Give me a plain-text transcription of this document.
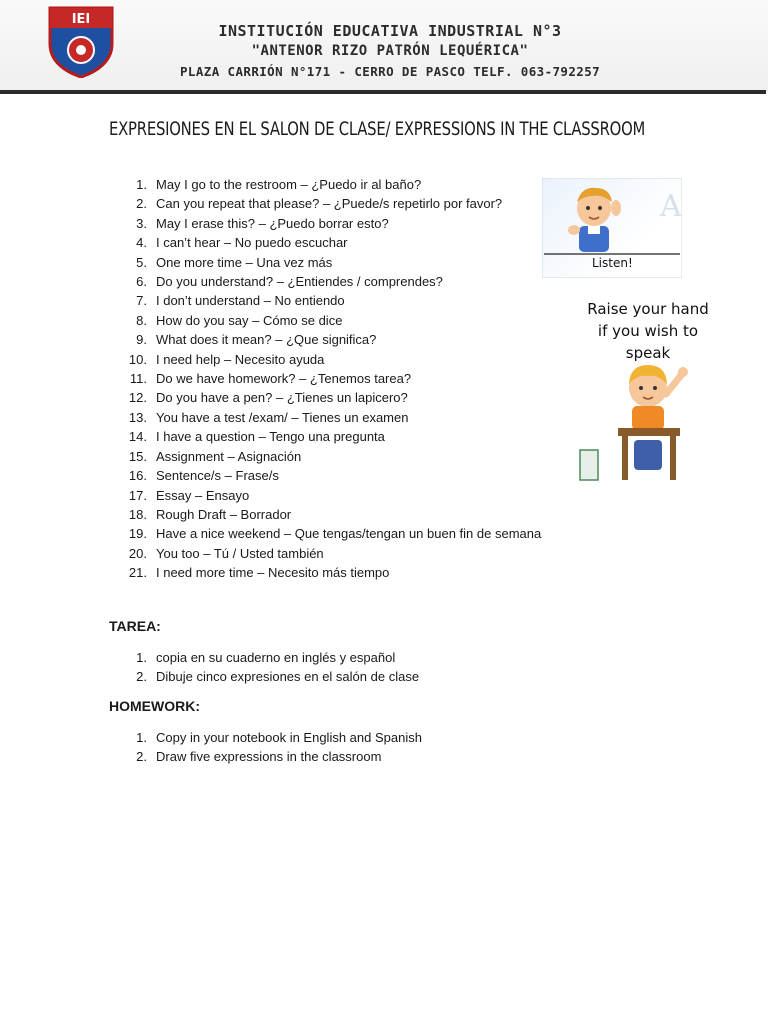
IEI
INSTITUCIÓN EDUCATIVA INDUSTRIAL N°3
"ANTENOR RIZO PATRÓN LEQUÉRICA"
PLAZA CARRIÓN N°171 - CERRO DE PASCO TELF. 063-792257
EXPRESIONES EN EL SALON DE CLASE/ EXPRESSIONS IN THE CLASSROOM
1. May I go to the restroom – ¿Puedo ir al baño?
2. Can you repeat that please? – ¿Puede/s repetirlo por favor?
3. May I erase this? – ¿Puedo borrar esto?
4. I can’t hear – No puedo escuchar
5. One more time – Una vez más
6. Do you understand? – ¿Entiendes / comprendes?
7. I don’t understand – No entiendo
8. How do you say – Cómo se dice
9. What does it mean? – ¿Que significa?
10. I need help – Necesito ayuda
11. Do we have homework? – ¿Tenemos tarea?
12. Do you have a pen? – ¿Tienes un lapicero?
13. You have a test /exam/ – Tienes un examen
14. I have a question – Tengo una pregunta
15. Assignment – Asignación
16. Sentence/s – Frase/s
17. Essay – Ensayo
18. Rough Draft – Borrador
19. Have a nice weekend – Que tengas/tengan un buen fin de semana
20. You too – Tú / Usted también
21. I need more time – Necesito más tiempo
A
Listen!
Raise your hand
if you wish to
speak
TAREA:
1. copia en su cuaderno en inglés y español
2. Dibuje cinco expresiones en el salón de clase
HOMEWORK:
1. Copy in your notebook in English and Spanish
2. Draw five expressions in the classroom
